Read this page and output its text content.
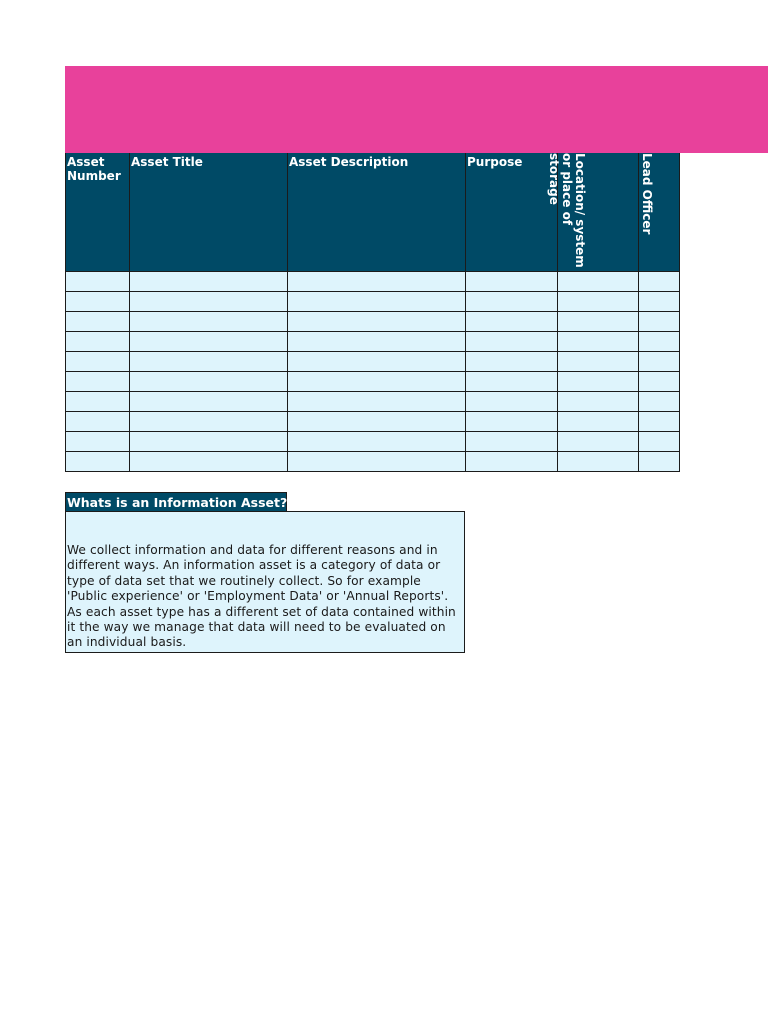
Asset Number	Asset Title	Asset Description	Purpose	Location/ system or place of storage	Lead Officer

Whats is an Information Asset?
We collect information and data for different reasons and in different ways. An information asset is a category of data or type of data set that we routinely collect. So for example 'Public experience' or 'Employment Data' or 'Annual Reports'. As each asset type has a different set of data contained within it the way we manage that data will need to be evaluated on an individual basis.
